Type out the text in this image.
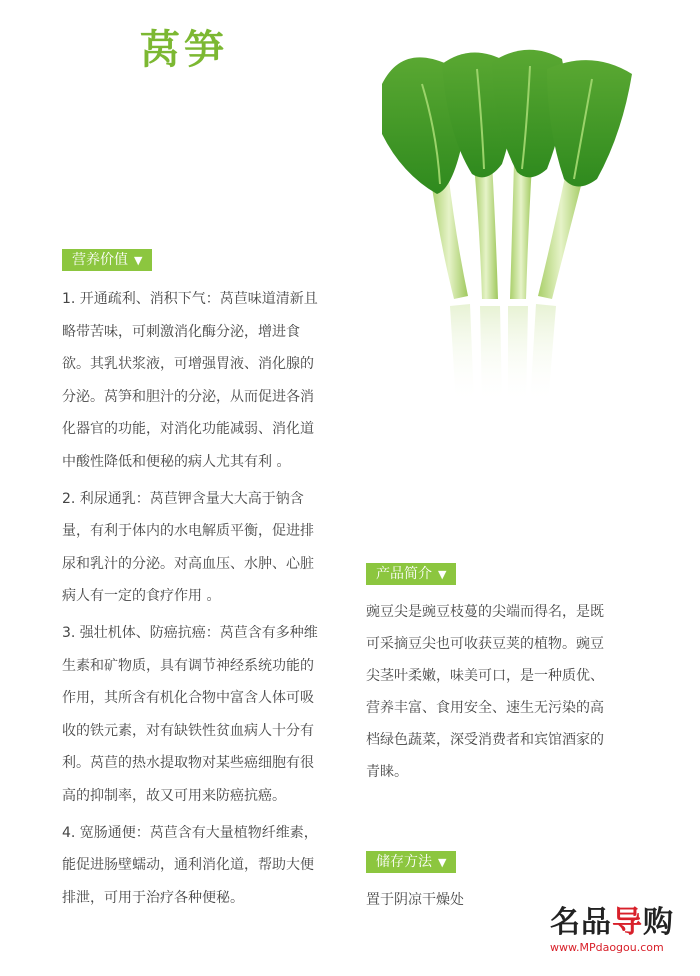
莴笋
营养价值 ▼

1. 开通疏利、消积下气：莴苣味道清新且略带苦味，可刺激消化酶分泌，增进食欲。其乳状浆液，可增强胃液、消化腺的分泌。莴笋和胆汁的分泌，从而促进各消化器官的功能，对消化功能减弱、消化道中酸性降低和便秘的病人尤其有利 。

2. 利尿通乳：莴苣钾含量大大高于钠含量，有利于体内的水电解质平衡，促进排尿和乳汁的分泌。对高血压、水肿、心脏病人有一定的食疗作用 。

3. 强壮机体、防癌抗癌：莴苣含有多种维生素和矿物质，具有调节神经系统功能的作用，其所含有机化合物中富含人体可吸收的铁元素，对有缺铁性贫血病人十分有利。莴苣的热水提取物对某些癌细胞有很高的抑制率，故又可用来防癌抗癌。

4. 宽肠通便：莴苣含有大量植物纤维素，能促进肠壁蠕动，通利消化道，帮助大便排泄，可用于治疗各种便秘。

产品简介 ▼

豌豆尖是豌豆枝蔓的尖端而得名，是既可采摘豆尖也可收获豆荚的植物。豌豆尖茎叶柔嫩，味美可口，是一种质优、营养丰富、食用安全、速生无污染的高档绿色蔬菜，深受消费者和宾馆酒家的青睐。

储存方法 ▼

置于阴凉干燥处

名品导购
www.MPdaogou.com
